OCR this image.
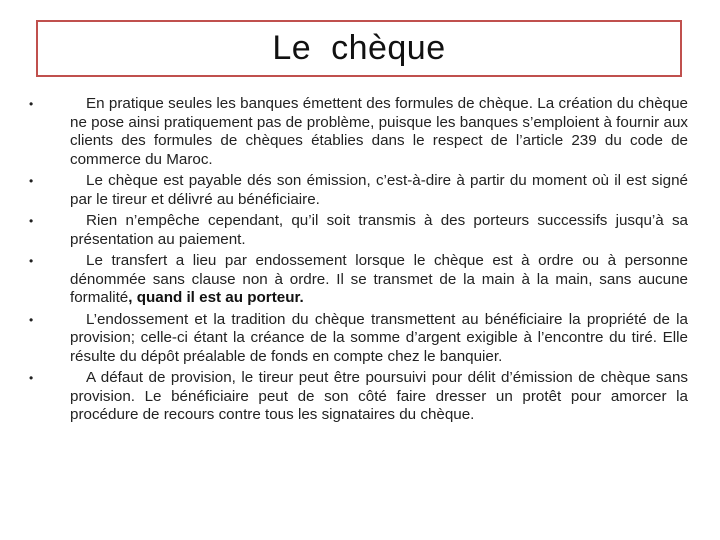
Le  chèque
•	En pratique seules les banques émettent des formules de chèque. La création du chèque ne pose ainsi pratiquement pas de problème, puisque les banques s’emploient à fournir aux clients des formules de chèques établies dans le respect de l’article 239 du code de commerce du Maroc.
•	Le chèque est payable dés son émission, c’est-à-dire à partir du moment où il est signé par le tireur et délivré au bénéficiaire.
•	Rien n’empêche cependant, qu’il soit transmis à des porteurs successifs jusqu’à sa présentation au paiement.
•	Le transfert a lieu par endossement lorsque le chèque est à ordre ou à personne dénommée sans clause non à ordre. Il se transmet de la main à la main, sans aucune formalité, quand il est au porteur.
•	L’endossement et la tradition du chèque transmettent au bénéficiaire la propriété de la provision; celle-ci étant la créance de la somme d’argent exigible à l’encontre du tiré. Elle résulte du dépôt préalable de fonds en compte chez le banquier.
•	A défaut de provision, le tireur peut être poursuivi pour délit d’émission de chèque sans provision. Le bénéficiaire peut de son côté faire dresser un protêt pour amorcer la procédure de recours contre tous les signataires du chèque.
